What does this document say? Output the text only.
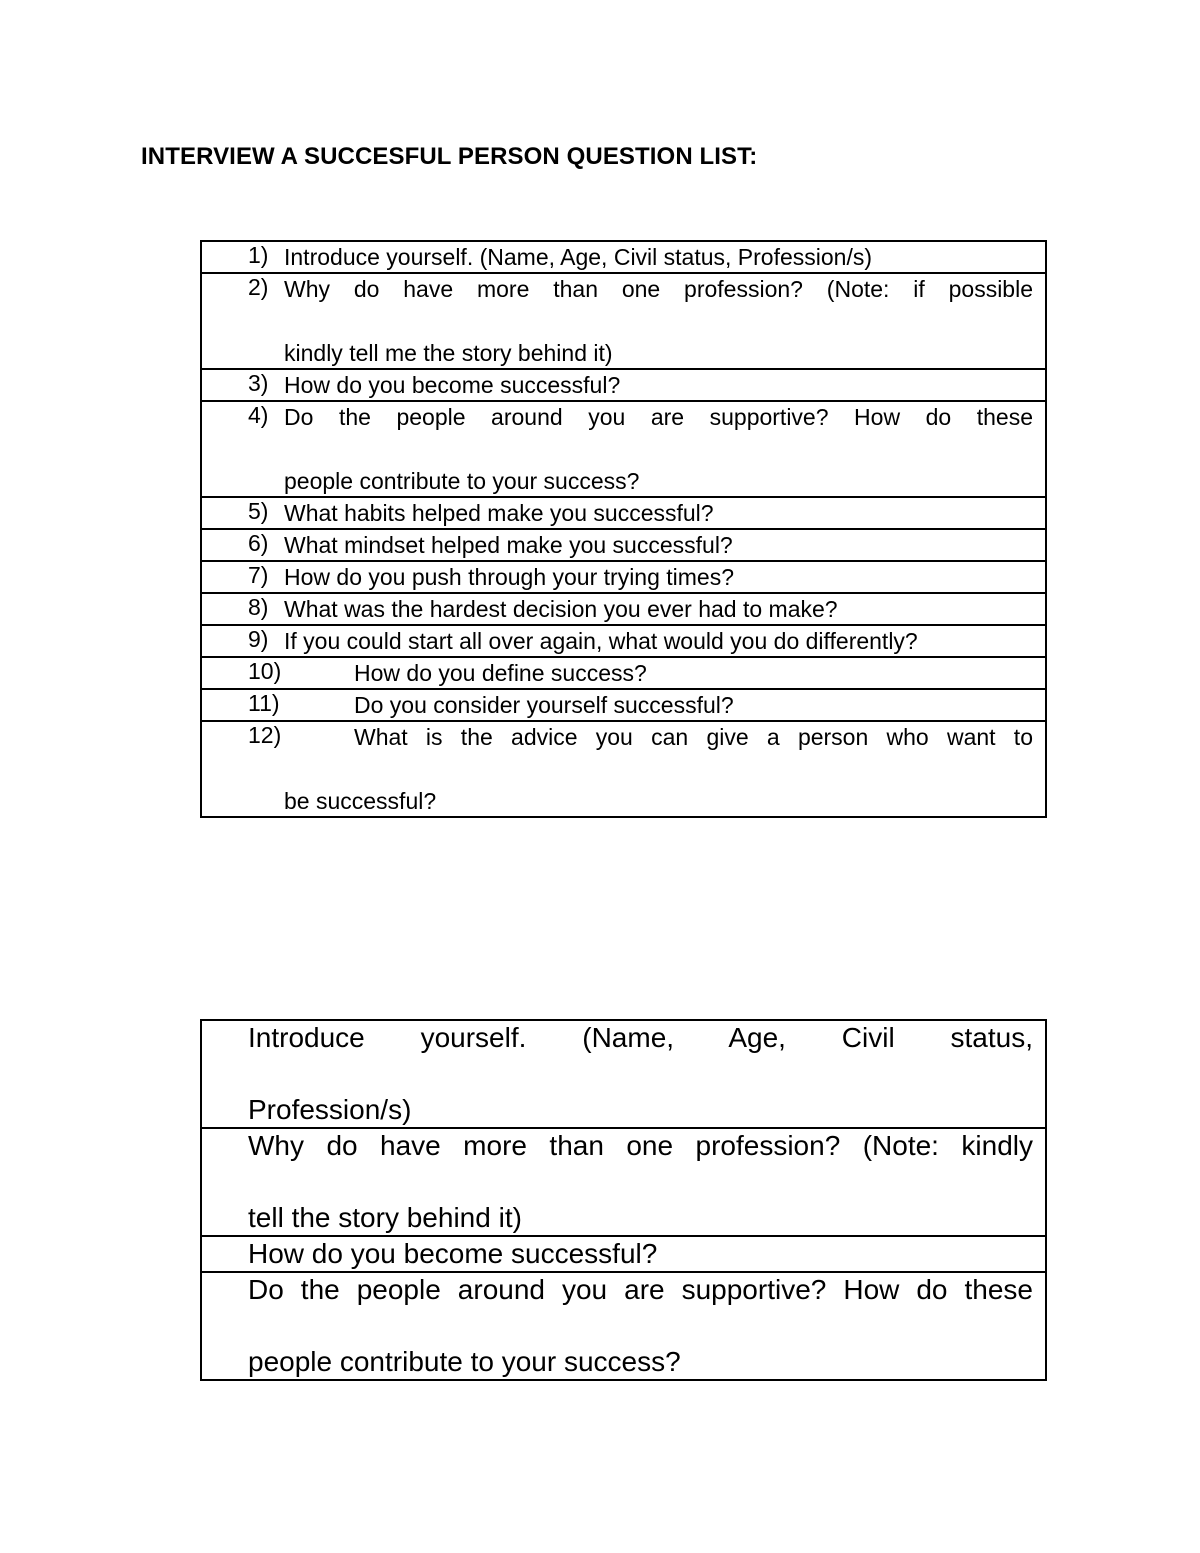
INTERVIEW A SUCCESFUL PERSON QUESTION LIST:
1) Introduce yourself. (Name, Age, Civil status, Profession/s)
2) Why do have more than one profession? (Note: if possible
kindly tell me the story behind it)
3) How do you become successful?
4) Do the people around you are supportive? How do these
people contribute to your success?
5) What habits helped make you successful?
6) What mindset helped make you successful?
7) How do you push through your trying times?
8) What was the hardest decision you ever had to make?
9) If you could start all over again, what would you do differently?
10)	How do you define success?
11)	Do you consider yourself successful?
12)	What is the advice you can give a person who want to
be successful?
Introduce yourself. (Name, Age, Civil status,
Profession/s)
Why do have more than one profession? (Note: kindly
tell the story behind it)
How do you become successful?
Do the people around you are supportive? How do these
people contribute to your success?
